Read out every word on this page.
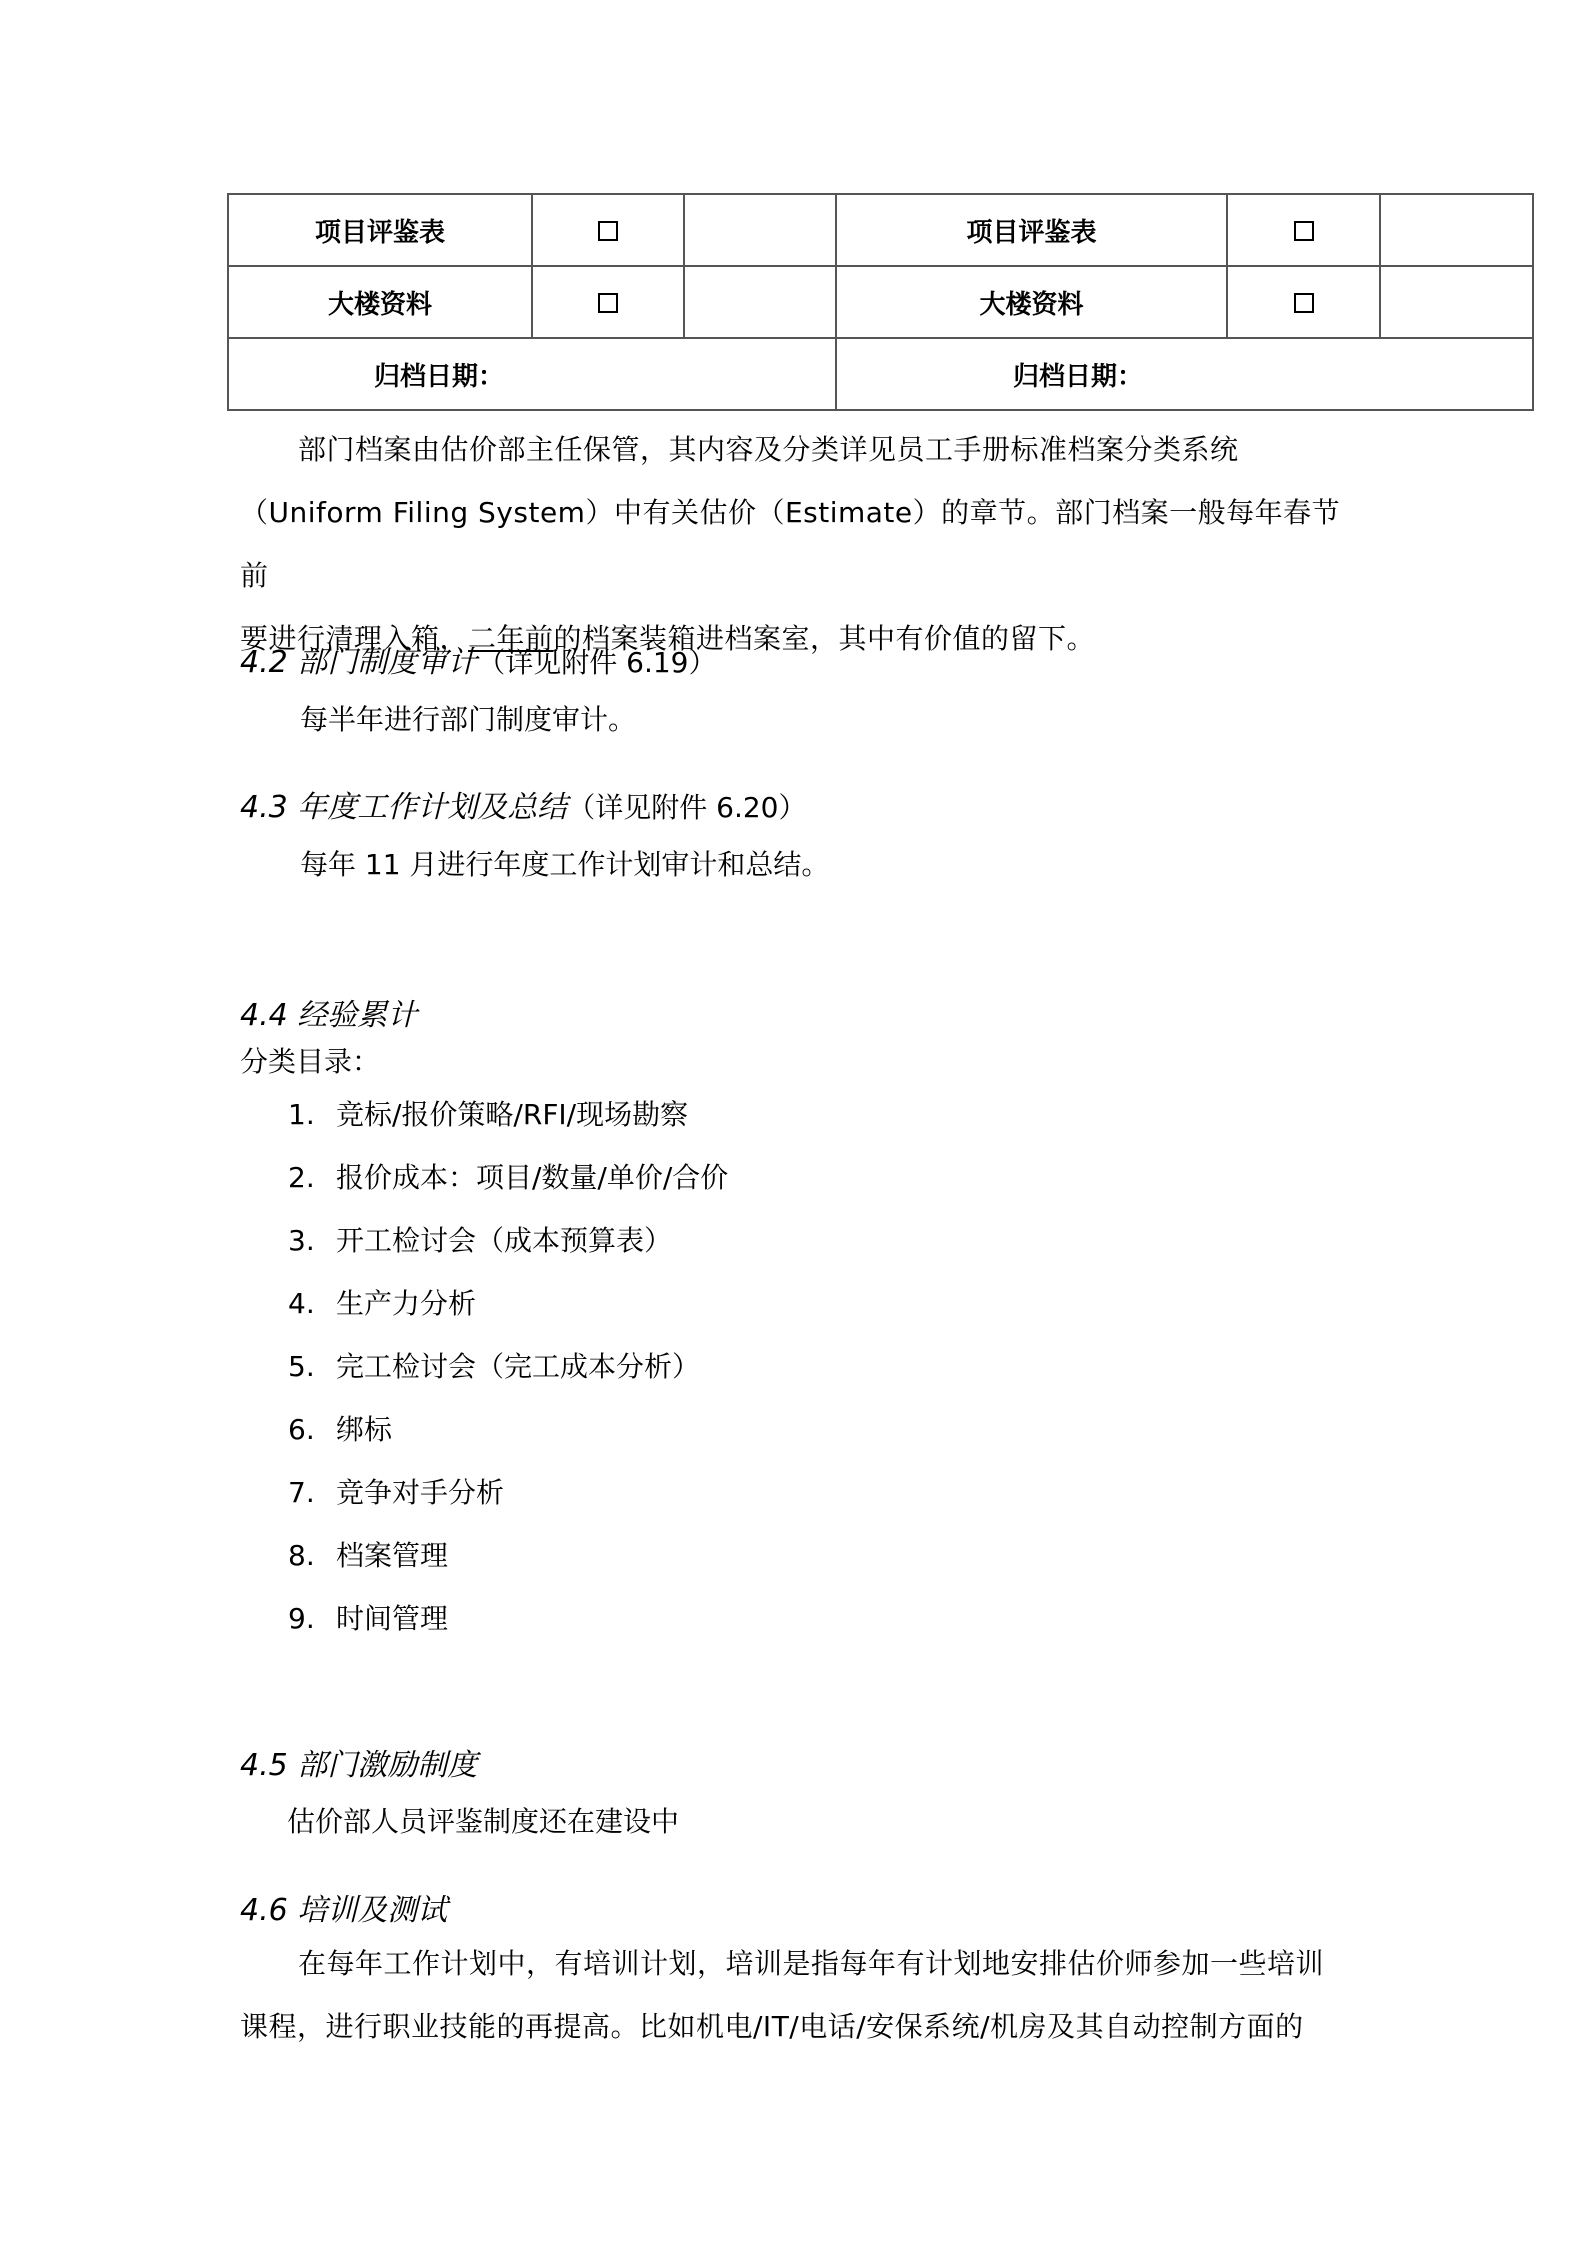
项目评鉴表			项目评鉴表		
大楼资料			大楼资料		
归档日期：			归档日期：		
部门档案由估价部主任保管，其内容及分类详见员工手册标准档案分类系统
（Uniform Filing System）中有关估价（Estimate）的章节。部门档案一般每年春节前
要进行清理入箱，二年前的档案装箱进档案室，其中有价值的留下。
4.2 部门制度审计（详见附件 6.19）
每半年进行部门制度审计。
4.3 年度工作计划及总结（详见附件 6.20）
每年 11 月进行年度工作计划审计和总结。
4.4 经验累计
分类目录：
1. 竞标/报价策略/RFI/现场勘察
2. 报价成本：项目/数量/单价/合价
3. 开工检讨会（成本预算表）
4. 生产力分析
5. 完工检讨会（完工成本分析）
6. 绑标
7. 竞争对手分析
8. 档案管理
9. 时间管理
4.5 部门激励制度
估价部人员评鉴制度还在建设中
4.6 培训及测试
在每年工作计划中，有培训计划，培训是指每年有计划地安排估价师参加一些培训
课程，进行职业技能的再提高。比如机电/IT/电话/安保系统/机房及其自动控制方面的
